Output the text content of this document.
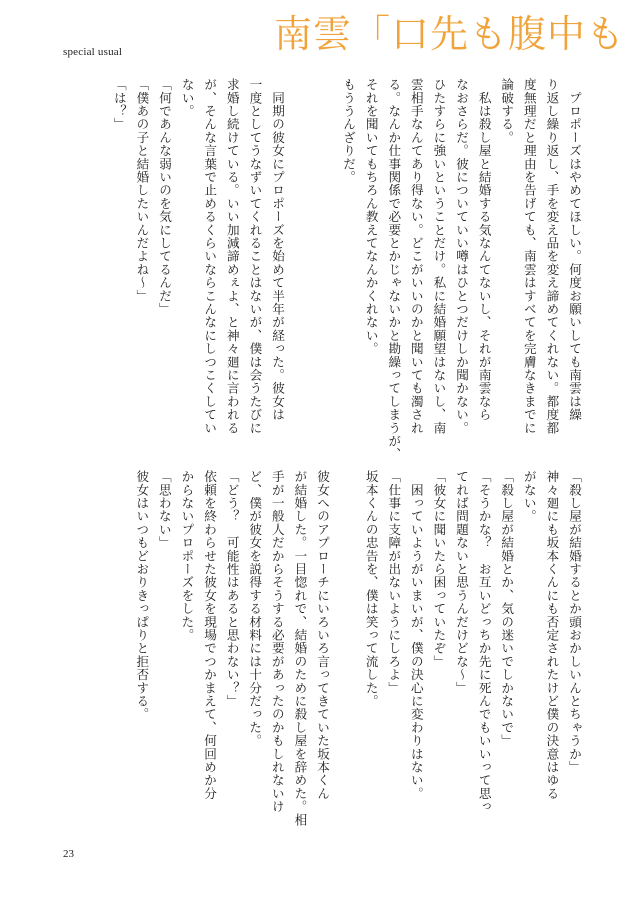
special usual	南雲「口先も腹中も
　プロポーズはやめてほしい。何度お願いしても南雲は繰
り返し繰り返し、手を変え品を変え諦めてくれない。都度都
度無理だと理由を告げても、南雲はすべてを完膚なきまでに
論破する。
　私は殺し屋と結婚する気なんてないし、それが南雲なら
なおさらだ。彼についていい噂はひとつだけしか聞かない。
ひたすらに強いということだけ。私に結婚願望はないし、南
雲相手なんてあり得ない。どこがいいのかと聞いても濁され
る。なんか仕事関係で必要とかじゃないかと勘繰ってしまうが、
それを聞いてもちろん教えてなんかくれない。
もううんざりだ。
　同期の彼女にプロポーズを始めて半年が経った。彼女は
一度としてうなずいてくれることはないが、僕は会うたびに
求婚し続けている。いい加減諦めぇよ、と神々廻に言われる
が、そんな言葉で止めるくらいならこんなにしつこくしてい
ない。
「何であんな弱いのを気にしてるんだ」
「僕あの子と結婚したいんだよね〜」
「は？」
「殺し屋が結婚するとか頭おかしいんとちゃうか」
神々廻にも坂本くんにも否定されたけど僕の決意はゆる
がない。
「殺し屋が結婚とか、気の迷いでしかないで」
「そうかな？　お互いどっちか先に死んでもいいって思っ
てれば問題ないと思うんだけどな〜」
「彼女に聞いたら困っていたぞ」
　困っていようがいまいが、僕の決心に変わりはない。
「仕事に支障が出ないようにしろよ」
坂本くんの忠告を、僕は笑って流した。
彼女へのアプローチにいろいろ言ってきていた坂本くん
が結婚した。一目惚れで、結婚のために殺し屋を辞めた。相
手が一般人だからそうする必要があったのかもしれないけ
ど、僕が彼女を説得する材料には十分だった。
「どう？　可能性はあると思わない？」
依頼を終わらせた彼女を現場でつかまえて、何回めか分
からないプロポーズをした。
「思わない」
彼女はいつもどおりきっぱりと拒否する。
23
